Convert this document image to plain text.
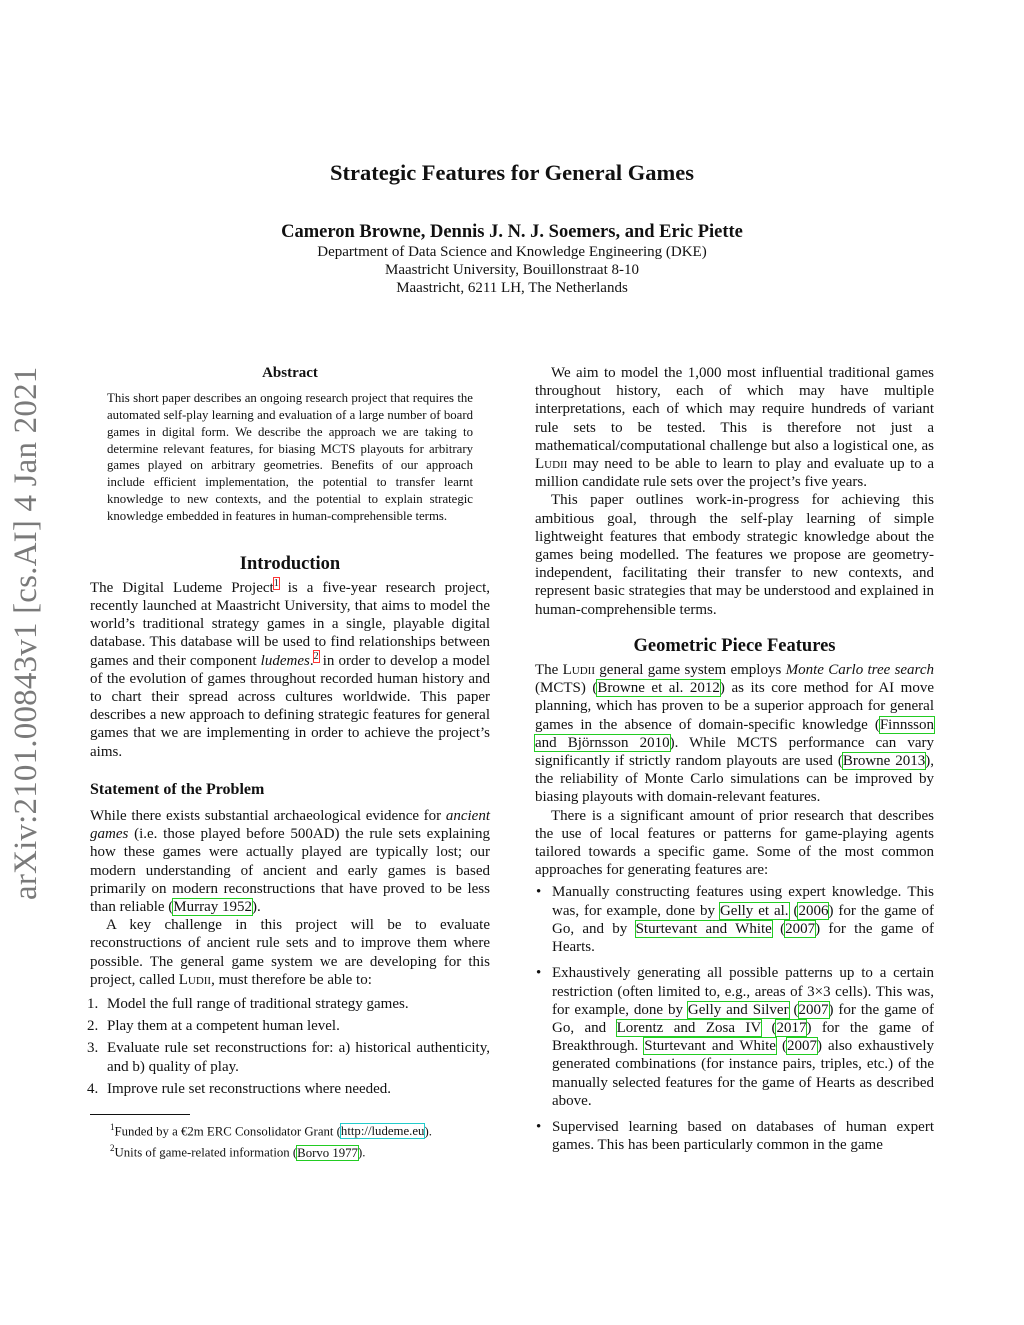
arXiv:2101.00843v1 [cs.AI] 4 Jan 2021
Strategic Features for General Games
Cameron Browne, Dennis J. N. J. Soemers, and Eric Piette
Department of Data Science and Knowledge Engineering (DKE)
Maastricht University, Bouillonstraat 8-10
Maastricht, 6211 LH, The Netherlands
Abstract
This short paper describes an ongoing research project that requires the automated self-play learning and evaluation of a large number of board games in digital form. We describe the approach we are taking to determine relevant features, for biasing MCTS playouts for arbitrary games played on arbitrary geometries. Benefits of our approach include efficient implementation, the potential to transfer learnt knowledge to new contexts, and the potential to explain strategic knowledge embedded in features in human-comprehensible terms.
Introduction

The Digital Ludeme Project$^1$ is a five-year research project, recently launched at Maastricht University, that aims to model the world’s traditional strategy games in a single, playable digital database. This database will be used to find relationships between games and their component ludemes.$^2$ in order to develop a model of the evolution of games throughout recorded human history and to chart their spread across cultures worldwide. This paper describes a new approach to defining strategic features for general games that we are implementing in order to achieve the project’s aims.

Statement of the Problem

While there exists substantial archaeological evidence for ancient games (i.e. those played before 500AD) the rule sets explaining how these games were actually played are typically lost; our modern understanding of ancient and early games is based primarily on modern reconstructions that have proved to be less than reliable (Murray 1952).

A key challenge in this project will be to evaluate reconstructions of ancient rule sets and to improve them where possible. The general game system we are developing for this project, called Ludii, must therefore be able to:

1. Model the full range of traditional strategy games.
2. Play them at a competent human level.
3. Evaluate rule set reconstructions for: a) historical authenticity, and b) quality of play.
4. Improve rule set reconstructions where needed.
$^1$Funded by a €2m ERC Consolidator Grant (http://ludeme.eu).
$^2$Units of game-related information (Borvo 1977).

We aim to model the 1,000 most influential traditional games throughout history, each of which may have multiple interpretations, each of which may require hundreds of variant rule sets to be tested. This is therefore not just a mathematical/computational challenge but also a logistical one, as Ludii may need to be able to learn to play and evaluate up to a million candidate rule sets over the project’s five years.

This paper outlines work-in-progress for achieving this ambitious goal, through the self-play learning of simple lightweight features that embody strategic knowledge about the games being modelled. The features we propose are geometry-independent, facilitating their transfer to new contexts, and represent basic strategies that may be understood and explained in human-comprehensible terms.

Geometric Piece Features

The Ludii general game system employs Monte Carlo tree search (MCTS) (Browne et al. 2012) as its core method for AI move planning, which has proven to be a superior approach for general games in the absence of domain-specific knowledge (Finnsson and Björnsson 2010). While MCTS performance can vary significantly if strictly random playouts are used (Browne 2013), the reliability of Monte Carlo simulations can be improved by biasing playouts with domain-relevant features.

There is a significant amount of prior research that describes the use of local features or patterns for game-playing agents tailored towards a specific game. Some of the most common approaches for generating features are:

• Manually constructing features using expert knowledge. This was, for example, done by Gelly et al. (2006) for the game of Go, and by Sturtevant and White (2007) for the game of Hearts.
• Exhaustively generating all possible patterns up to a certain restriction (often limited to, e.g., areas of 3×3 cells). This was, for example, done by Gelly and Silver (2007) for the game of Go, and Lorentz and Zosa IV (2017) for the game of Breakthrough. Sturtevant and White (2007) also exhaustively generated combinations (for instance pairs, triples, etc.) of the manually selected features for the game of Hearts as described above.
• Supervised learning based on databases of human expert games. This has been particularly common in the game
